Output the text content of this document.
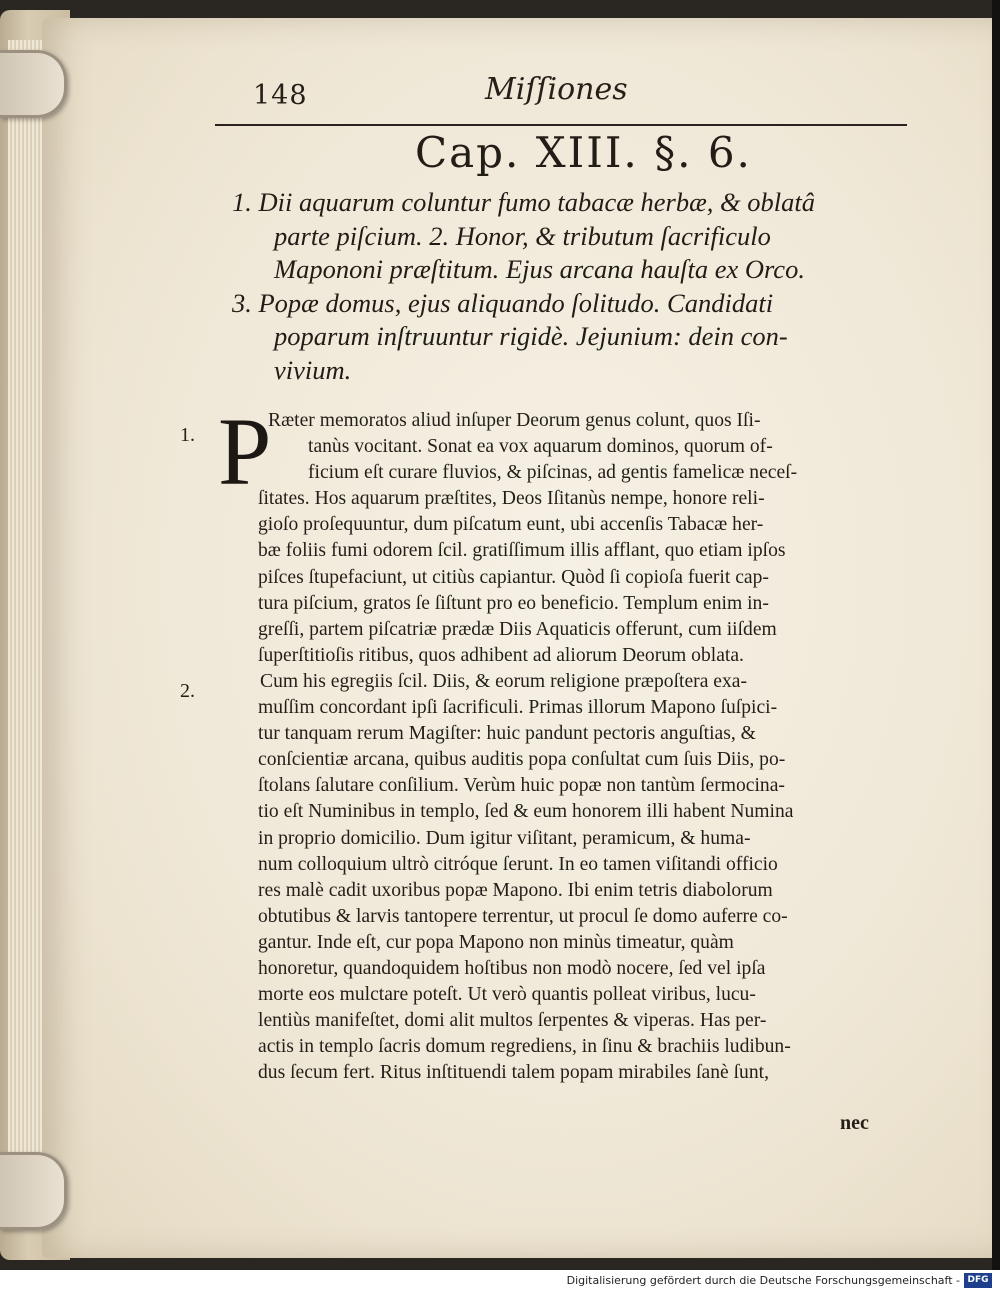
148	Miſſiones
Cap. XIII. §. 6.
1. Dii aquarum coluntur fumo tabacæ herbæ, & oblatâ
parte piſcium. 2. Honor, & tributum ſacrificulo
Mapononi præſtitum. Ejus arcana hauſta ex Orco.
3. Popæ domus, ejus aliquando ſolitudo. Candidati
poparum inſtruuntur rigidè. Jejunium: dein con-
vivium.
1.
2.
P
Ræter memoratos aliud inſuper Deorum genus colunt, quos Iſi-
tanùs vocitant. Sonat ea vox aquarum dominos, quorum of-
ficium eſt curare fluvios, & piſcinas, ad gentis famelicæ neceſ-
ſitates. Hos aquarum præſtites, Deos Iſitanùs nempe, honore reli-
gioſo proſequuntur, dum piſcatum eunt, ubi accenſis Tabacæ her-
bæ foliis fumi odorem ſcil. gratiſſimum illis afflant, quo etiam ipſos
piſces ſtupefaciunt, ut citiùs capiantur. Quòd ſi copioſa fuerit cap-
tura piſcium, gratos ſe ſiſtunt pro eo beneficio. Templum enim in-
greſſi, partem piſcatriæ prædæ Diis Aquaticis offerunt, cum iiſdem
ſuperſtitioſis ritibus, quos adhibent ad aliorum Deorum oblata.
Cum his egregiis ſcil. Diis, & eorum religione præpoſtera exa-
muſſim concordant ipſi ſacrificuli. Primas illorum Mapono ſuſpici-
tur tanquam rerum Magiſter: huic pandunt pectoris anguſtias, &
conſcientiæ arcana, quibus auditis popa conſultat cum ſuis Diis, po-
ſtolans ſalutare conſilium. Verùm huic popæ non tantùm ſermocina-
tio eſt Numinibus in templo, ſed & eum honorem illi habent Numina
in proprio domicilio. Dum igitur viſitant, peramicum, & huma-
num colloquium ultrò citróque ſerunt. In eo tamen viſitandi officio
res malè cadit uxoribus popæ Mapono. Ibi enim tetris diabolorum
obtutibus & larvis tantopere terrentur, ut procul ſe domo auferre co-
gantur. Inde eſt, cur popa Mapono non minùs timeatur, quàm
honoretur, quandoquidem hoſtibus non modò nocere, ſed vel ipſa
morte eos mulctare poteſt. Ut verò quantis polleat viribus, lucu-
lentiùs manifeſtet, domi alit multos ſerpentes & viperas. Has per-
actis in templo ſacris domum regrediens, in ſinu & brachiis ludibun-
dus ſecum fert. Ritus inſtituendi talem popam mirabiles ſanè ſunt,
nec
Digitalisierung gefördert durch die Deutsche Forschungsgemeinschaft - DFG
